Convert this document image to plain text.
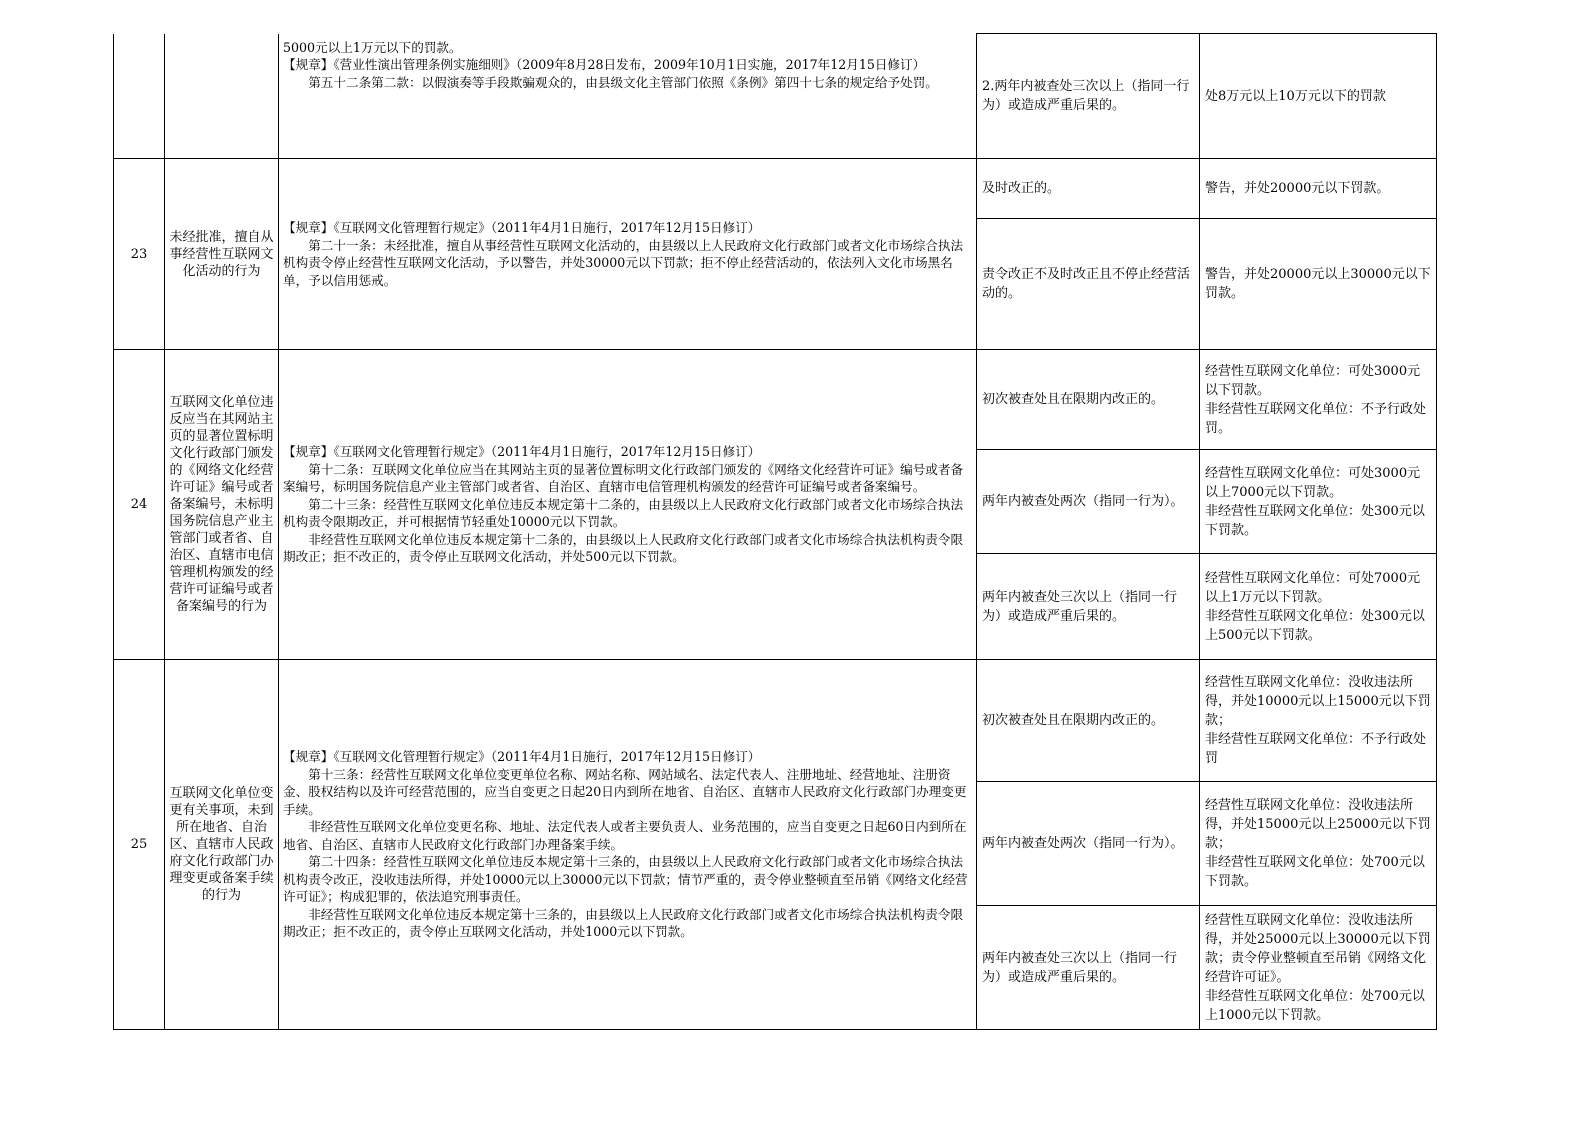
		5000元以上1万元以下的罚款。
【规章】《营业性演出管理条例实施细则》（2009年8月28日发布，2009年10月1日实施，2017年12月15日修订）
第五十二条第二款：以假演奏等手段欺骗观众的，由县级文化主管部门依照《条例》第四十七条的规定给予处罚。	2.两年内被查处三次以上（指同一行为）或造成严重后果的。	处8万元以上10万元以下的罚款
23	未经批准，擅自从事经营性互联网文化活动的行为	【规章】《互联网文化管理暂行规定》（2011年4月1日施行，2017年12月15日修订）
第二十一条：未经批准，擅自从事经营性互联网文化活动的，由县级以上人民政府文化行政部门或者文化市场综合执法机构责令停止经营性互联网文化活动，予以警告，并处30000元以下罚款；拒不停止经营活动的，依法列入文化市场黑名单，予以信用惩戒。	及时改正的。	警告，并处20000元以下罚款。

			责令改正不及时改正且不停止经营活动的。	警告，并处20000元以上30000元以下罚款。

24	互联网文化单位违反应当在其网站主页的显著位置标明文化行政部门颁发的《网络文化经营许可证》编号或者备案编号，未标明国务院信息产业主管部门或者省、自治区、直辖市电信管理机构颁发的经营许可证编号或者备案编号的行为	【规章】《互联网文化管理暂行规定》（2011年4月1日施行，2017年12月15日修订）
第十二条：互联网文化单位应当在其网站主页的显著位置标明文化行政部门颁发的《网络文化经营许可证》编号或者备案编号，标明国务院信息产业主管部门或者省、自治区、直辖市电信管理机构颁发的经营许可证编号或者备案编号。
第二十三条：经营性互联网文化单位违反本规定第十二条的，由县级以上人民政府文化行政部门或者文化市场综合执法机构责令限期改正，并可根据情节轻重处10000元以下罚款。
非经营性互联网文化单位违反本规定第十二条的，由县级以上人民政府文化行政部门或者文化市场综合执法机构责令限期改正；拒不改正的，责令停止互联网文化活动，并处500元以下罚款。	初次被查处且在限期内改正的。	经营性互联网文化单位：可处3000元以下罚款。
非经营性互联网文化单位：不予行政处罚。

			两年内被查处两次（指同一行为）。	经营性互联网文化单位：可处3000元以上7000元以下罚款。
非经营性互联网文化单位：处300元以下罚款。

			两年内被查处三次以上（指同一行为）或造成严重后果的。	经营性互联网文化单位：可处7000元以上1万元以下罚款。
非经营性互联网文化单位：处300元以上500元以下罚款。

25	互联网文化单位变更有关事项，未到所在地省、自治区、直辖市人民政府文化行政部门办理变更或备案手续的行为	【规章】《互联网文化管理暂行规定》（2011年4月1日施行，2017年12月15日修订）
第十三条：经营性互联网文化单位变更单位名称、网站名称、网站域名、法定代表人、注册地址、经营地址、注册资金、股权结构以及许可经营范围的，应当自变更之日起20日内到所在地省、自治区、直辖市人民政府文化行政部门办理变更手续。
非经营性互联网文化单位变更名称、地址、法定代表人或者主要负责人、业务范围的，应当自变更之日起60日内到所在地省、自治区、直辖市人民政府文化行政部门办理备案手续。
第二十四条：经营性互联网文化单位违反本规定第十三条的，由县级以上人民政府文化行政部门或者文化市场综合执法机构责令改正，没收违法所得，并处10000元以上30000元以下罚款；情节严重的，责令停业整顿直至吊销《网络文化经营许可证》；构成犯罪的，依法追究刑事责任。
非经营性互联网文化单位违反本规定第十三条的，由县级以上人民政府文化行政部门或者文化市场综合执法机构责令限期改正；拒不改正的，责令停止互联网文化活动，并处1000元以下罚款。	初次被查处且在限期内改正的。	经营性互联网文化单位：没收违法所得，并处10000元以上15000元以下罚款；
非经营性互联网文化单位：不予行政处罚

			两年内被查处两次（指同一行为）。	经营性互联网文化单位：没收违法所得，并处15000元以上25000元以下罚款；
非经营性互联网文化单位：处700元以下罚款。

			两年内被查处三次以上（指同一行为）或造成严重后果的。	经营性互联网文化单位：没收违法所得，并处25000元以上30000元以下罚款；责令停业整顿直至吊销《网络文化经营许可证》。
非经营性互联网文化单位：处700元以上1000元以下罚款。
